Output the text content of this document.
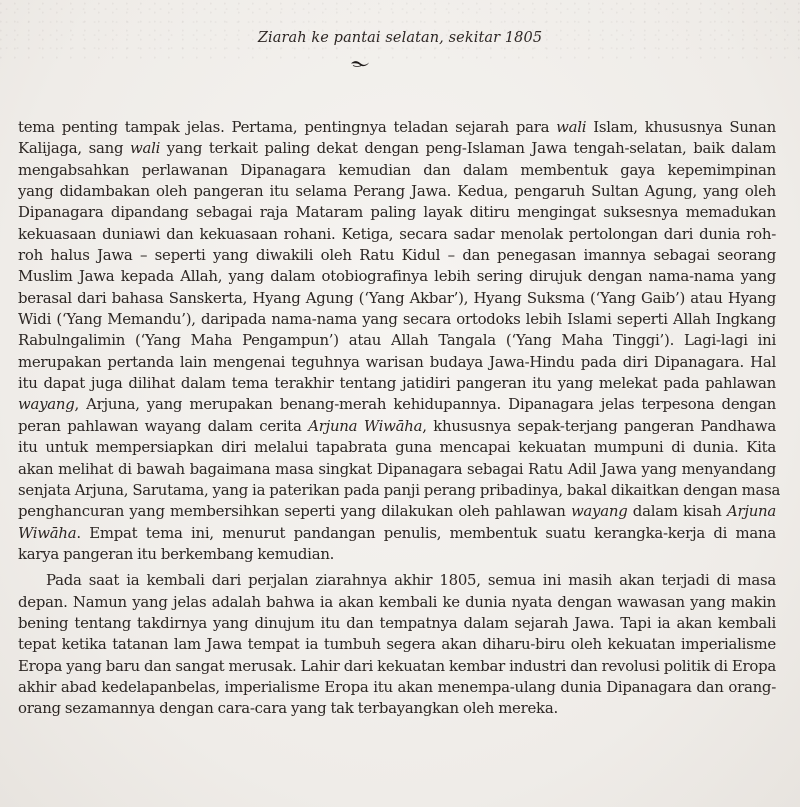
Ziarah ke pantai selatan, sekitar 1805
tema penting tampak jelas. Pertama, pentingnya teladan sejarah para wali Islam, khususnya Sunan
Kalijaga, sang wali yang terkait paling dekat dengan peng-Islaman Jawa tengah-selatan, baik dalam
mengabsahkan perlawanan Dipanagara kemudian dan dalam membentuk gaya kepemimpinan
yang didambakan oleh pangeran itu selama Perang Jawa. Kedua, pengaruh Sultan Agung, yang oleh
Dipanagara dipandang sebagai raja Mataram paling layak ditiru mengingat suksesnya memadukan
kekuasaan duniawi dan kekuasaan rohani. Ketiga, secara sadar menolak pertolongan dari dunia roh-
roh halus Jawa – seperti yang diwakili oleh Ratu Kidul – dan penegasan imannya sebagai seorang
Muslim Jawa kepada Allah, yang dalam otobiografinya lebih sering dirujuk dengan nama-nama yang
berasal dari bahasa Sanskerta, Hyang Agung (‘Yang Akbar’), Hyang Suksma (‘Yang Gaib’) atau Hyang
Widi (‘Yang Memandu’), daripada nama-nama yang secara ortodoks lebih Islami seperti Allah Ingkang
Rabulngalimin (‘Yang Maha Pengampun’) atau Allah Tangala (‘Yang Maha Tinggi’). Lagi-lagi ini
merupakan pertanda lain mengenai teguhnya warisan budaya Jawa-Hindu pada diri Dipanagara. Hal
itu dapat juga dilihat dalam tema terakhir tentang jatidiri pangeran itu yang melekat pada pahlawan
wayang, Arjuna, yang merupakan benang-merah kehidupannya. Dipanagara jelas terpesona dengan
peran pahlawan wayang dalam cerita Arjuna Wiwāha, khususnya sepak-terjang pangeran Pandhawa
itu untuk mempersiapkan diri melalui tapabrata guna mencapai kekuatan mumpuni di dunia. Kita
akan melihat di bawah bagaimana masa singkat Dipanagara sebagai Ratu Adil Jawa yang menyandang
senjata Arjuna, Sarutama, yang ia paterikan pada panji perang pribadinya, bakal dikaitkan dengan masa
penghancuran yang membersihkan seperti yang dilakukan oleh pahlawan wayang dalam kisah Arjuna
Wiwāha. Empat tema ini, menurut pandangan penulis, membentuk suatu kerangka-kerja di mana
karya pangeran itu berkembang kemudian.
Pada saat ia kembali dari perjalan ziarahnya akhir 1805, semua ini masih akan terjadi di masa
depan. Namun yang jelas adalah bahwa ia akan kembali ke dunia nyata dengan wawasan yang makin
bening tentang takdirnya yang dinujum itu dan tempatnya dalam sejarah Jawa. Tapi ia akan kembali
tepat ketika tatanan lam Jawa tempat ia tumbuh segera akan diharu-biru oleh kekuatan imperialisme
Eropa yang baru dan sangat merusak. Lahir dari kekuatan kembar industri dan revolusi politik di Eropa
akhir abad kedelapanbelas, imperialisme Eropa itu akan menempa-ulang dunia Dipanagara dan orang-
orang sezamannya dengan cara-cara yang tak terbayangkan oleh mereka.
